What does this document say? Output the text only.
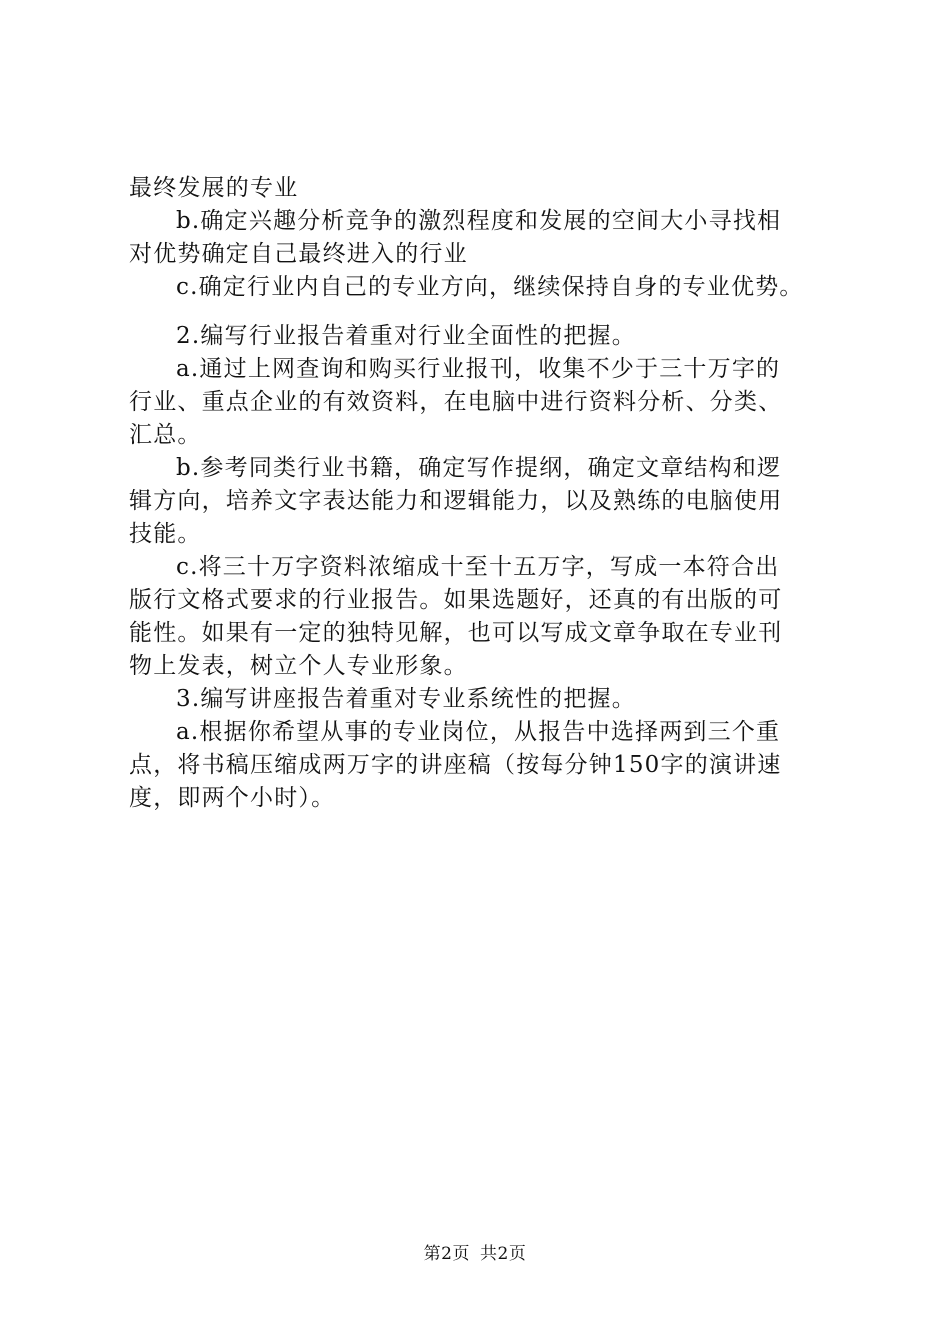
最终发展的专业
b.确定兴趣分析竞争的激烈程度和发展的空间大小寻找相
对优势确定自己最终进入的行业
c.确定行业内自己的专业方向，继续保持自身的专业优势。
2.编写行业报告着重对行业全面性的把握。
a.通过上网查询和购买行业报刊，收集不少于三十万字的
行业、重点企业的有效资料，在电脑中进行资料分析、分类、
汇总。
b.参考同类行业书籍，确定写作提纲，确定文章结构和逻
辑方向，培养文字表达能力和逻辑能力，以及熟练的电脑使用
技能。
c.将三十万字资料浓缩成十至十五万字，写成一本符合出
版行文格式要求的行业报告。如果选题好，还真的有出版的可
能性。如果有一定的独特见解，也可以写成文章争取在专业刊
物上发表，树立个人专业形象。
3.编写讲座报告着重对专业系统性的把握。
a.根据你希望从事的专业岗位，从报告中选择两到三个重
点，将书稿压缩成两万字的讲座稿（按每分钟150字的演讲速
度，即两个小时）。
第2页 共2页
